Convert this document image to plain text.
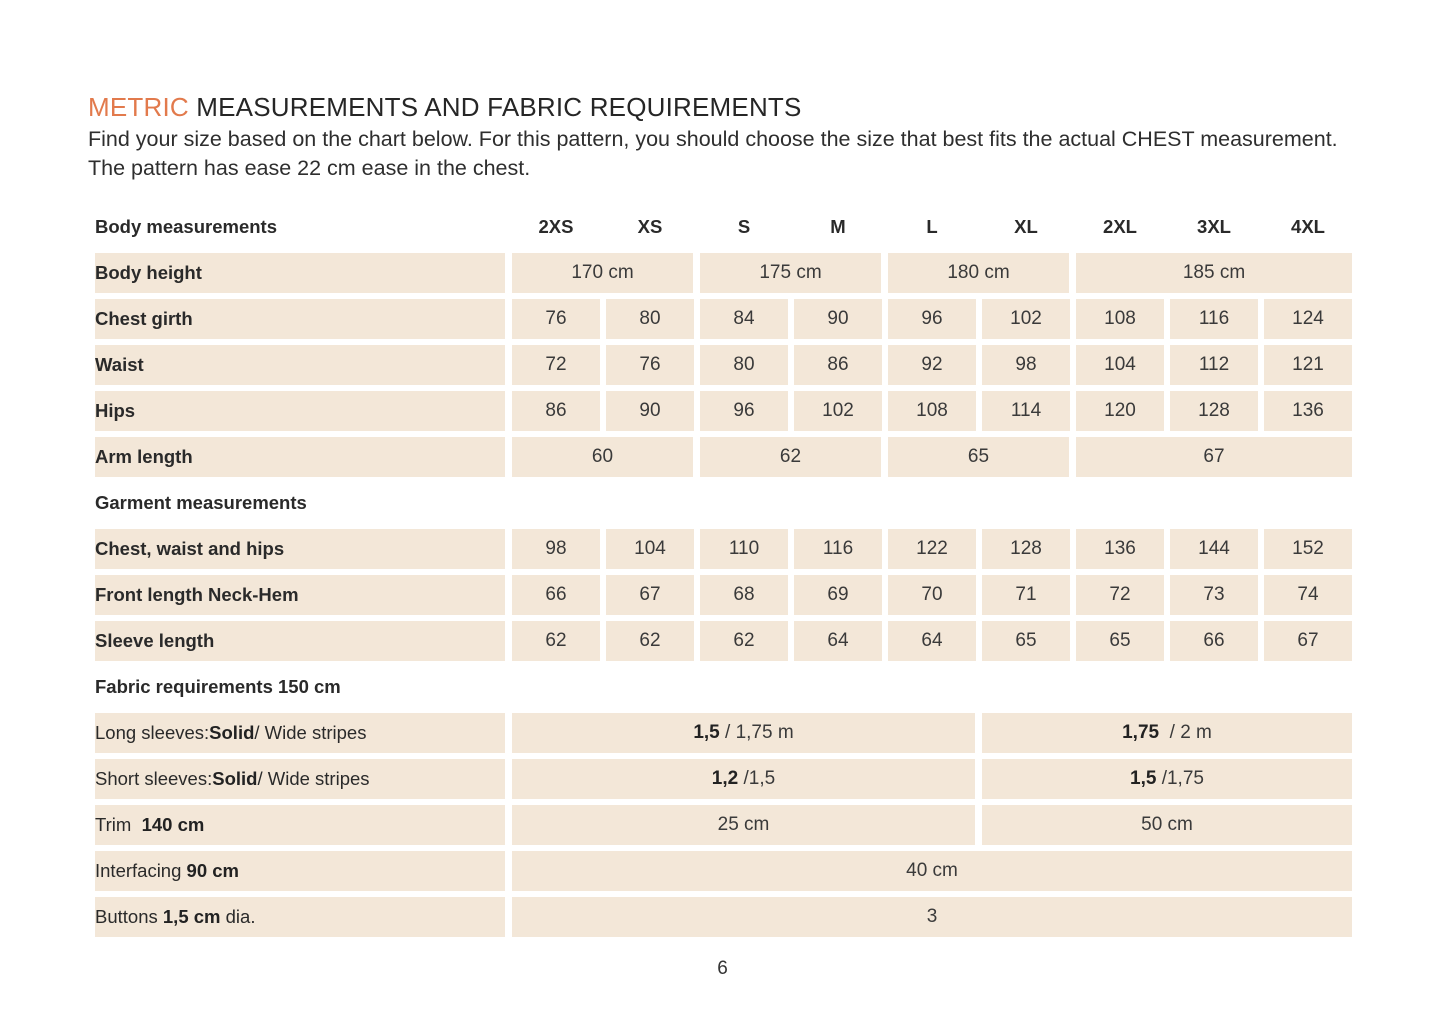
METRIC MEASUREMENTS AND FABRIC REQUIREMENTS
Find your size based on the chart below. For this pattern, you should choose the size that best fits the actual CHEST measurement. The pattern has ease 22 cm ease in the chest.
Body measurements	2XS	XS	S	M	L	XL	2XL	3XL	4XL
Body height	170 cm	175 cm	180 cm	185 cm
Chest girth	76	80	84	90	96	102	108	116	124
Waist	72	76	80	86	92	98	104	112	121
Hips	86	90	96	102	108	114	120	128	136
Arm length	60	62	65	67
Garment measurements
Chest, waist and hips	98	104	110	116	122	128	136	144	152
Front length Neck-Hem	66	67	68	69	70	71	72	73	74
Sleeve length	62	62	62	64	64	65	65	66	67
Fabric requirements 150 cm
Long sleeves: Solid / Wide stripes	1,5 / 1,75 m	1,75 / 2 m
Short sleeves: Solid / Wide stripes	1,2 /1,5	1,5 /1,75
Trim 140 cm	25 cm	50 cm
Interfacing 90 cm	40 cm
Buttons 1,5 cm dia.	3
6
